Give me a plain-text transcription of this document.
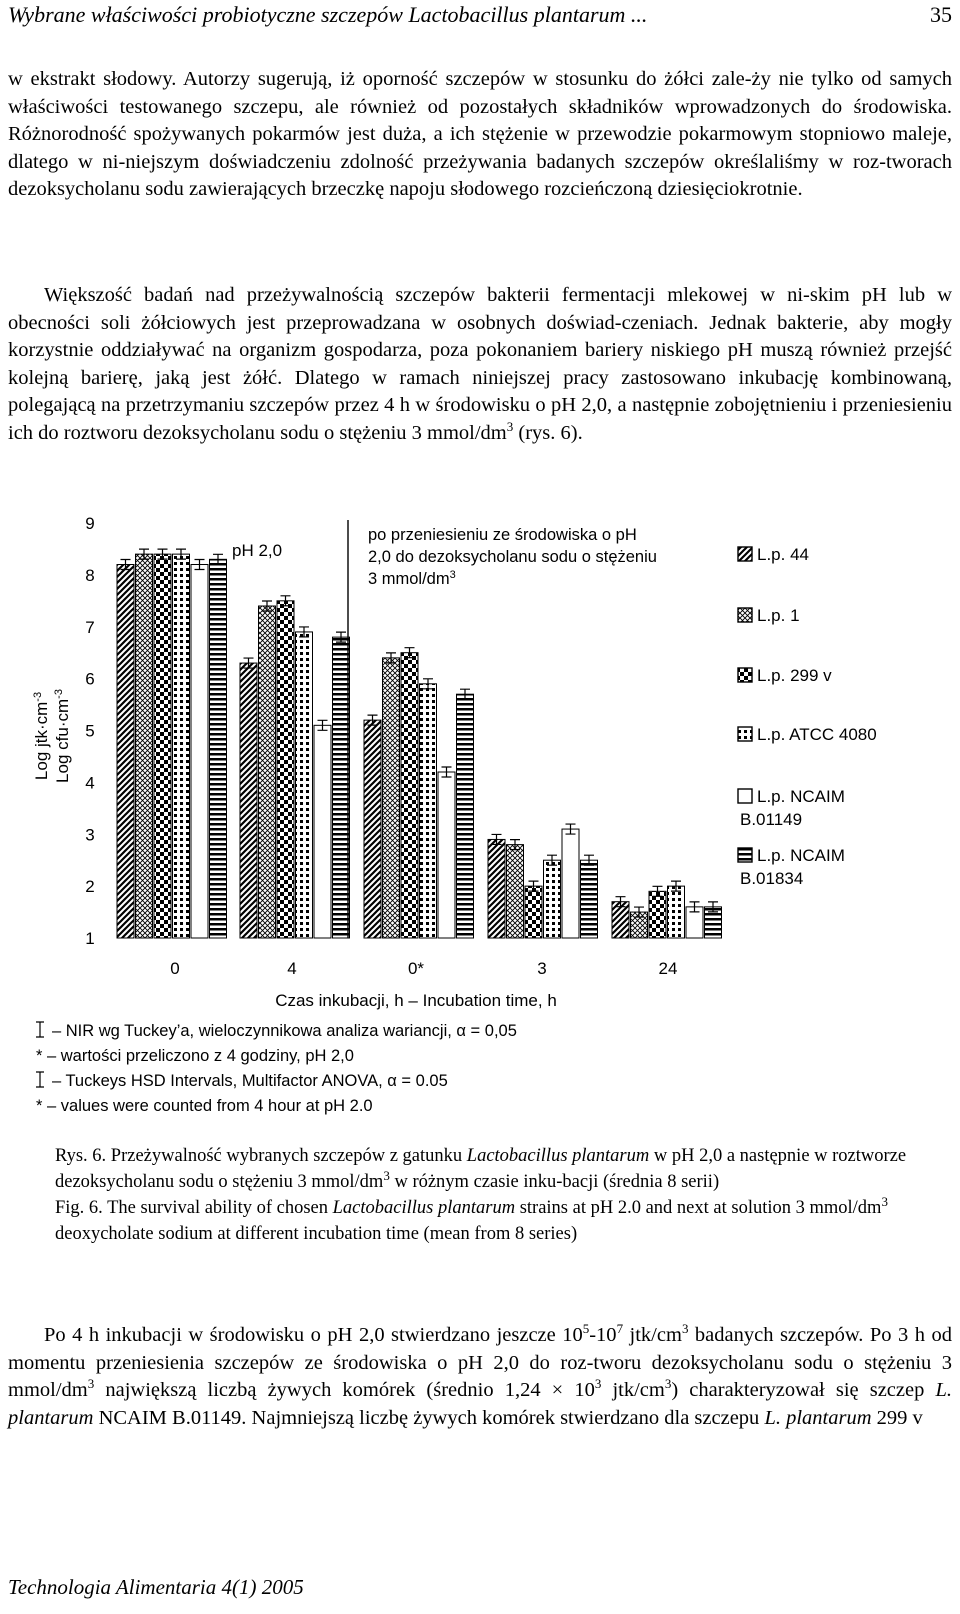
Wybrane właściwości probiotyczne szczepów Lactobacillus plantarum ...	35
w ekstrakt słodowy. Autorzy sugerują, iż oporność szczepów w stosunku do żółci zale-ży nie tylko od samych właściwości testowanego szczepu, ale również od pozostałych składników wprowadzonych do środowiska. Różnorodność spożywanych pokarmów jest duża, a ich stężenie w przewodzie pokarmowym stopniowo maleje, dlatego w ni-niejszym doświadczeniu zdolność przeżywania badanych szczepów określaliśmy w roz-tworach dezoksycholanu sodu zawierających brzeczkę napoju słodowego rozcieńczoną dziesięciokrotnie.
Większość badań nad przeżywalnością szczepów bakterii fermentacji mlekowej w ni-skim pH lub w obecności soli żółciowych jest przeprowadzana w osobnych doświad-czeniach. Jednak bakterie, aby mogły korzystnie oddziaływać na organizm gospodarza, poza pokonaniem bariery niskiego pH muszą również przejść kolejną barierę, jaką jest żółć. Dlatego w ramach niniejszej pracy zastosowano inkubację kombinowaną, polegającą na przetrzymaniu szczepów przez 4 h w środowisku o pH 2,0, a następnie zobojętnieniu i przeniesieniu ich do roztworu dezoksycholanu sodu o stężeniu 3 mmol/$dm^3$ (rys. 6).
1
2
3
4
5
6
7
8
9
Log $jtk\cdot cm^{-3}$
Log $cfu\cdot cm^{-3}$
pH 2,0
po przeniesieniu ze środowiska o pH
2,0 do dezoksycholanu sodu o stężeniu
3 mmol/$dm^3$
0	4	0*	3	24
Czas inkubacji, h – Incubation time, h
L.p. 44
L.p. 1
L.p. 299 v
L.p. ATCC 4080
L.p. NCAIM
B.01149
L.p. NCAIM
B.01834
– NIR wg Tuckey’a, wieloczynnikowa analiza wariancji, α = 0,05
* – wartości przeliczono z 4 godziny, pH 2,0
– Tuckeys HSD Intervals, Multifactor ANOVA, α = 0.05
* – values were counted from 4 hour at pH 2.0
Rys. 6. Przeżywalność wybranych szczepów z gatunku Lactobacillus plantarum w pH 2,0 a następnie w roztworze dezoksycholanu sodu o stężeniu 3 mmol/$dm^3$ w różnym czasie inku-bacji (średnia 8 serii)
Fig. 6. The survival ability of chosen Lactobacillus plantarum strains at pH 2.0 and next at solution 3 mmol/$dm^3$ deoxycholate sodium at different incubation time (mean from 8 series)
Po 4 h inkubacji w środowisku o pH 2,0 stwierdzano jeszcze $10^5-10^7$ jtk/$cm^3$ badanych szczepów. Po 3 h od momentu przeniesienia szczepów ze środowiska o pH 2,0 do roz-tworu dezoksycholanu sodu o stężeniu 3 mmol/$dm^3$ największą liczbą żywych komórek (średnio $1,24 \times 10^3$ jtk/$cm^3$) charakteryzował się szczep L. plantarum NCAIM B.01149. Najmniejszą liczbę żywych komórek stwierdzano dla szczepu L. plantarum 299 v
Technologia Alimentaria 4(1) 2005
